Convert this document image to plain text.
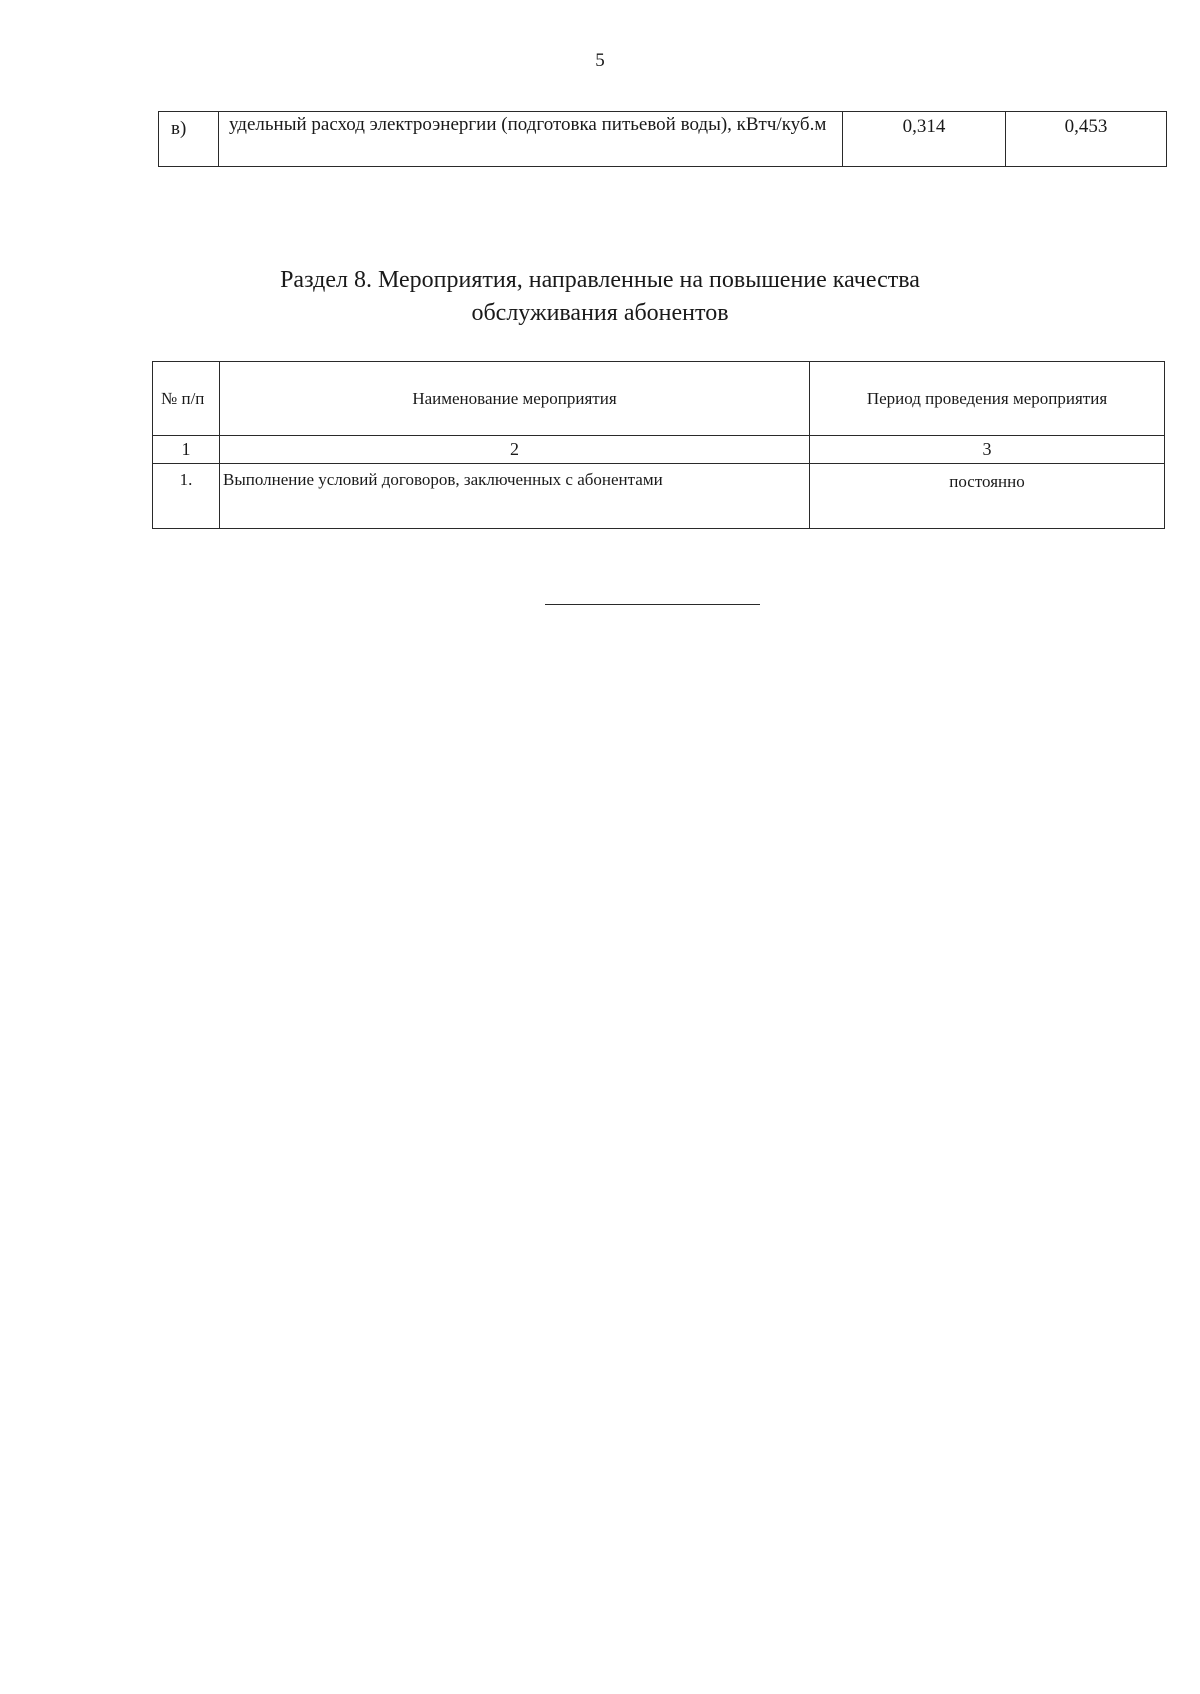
5
в)	удельный расход электроэнергии (подготовка питьевой воды), кВтч/куб.м	0,314	0,453
Раздел 8. Мероприятия, направленные на повышение качества
обслуживания абонентов
№ п/п	Наименование мероприятия	Период проведения мероприятия
1	2	3
1.	Выполнение условий договоров, заключенных с абонентами	постоянно
